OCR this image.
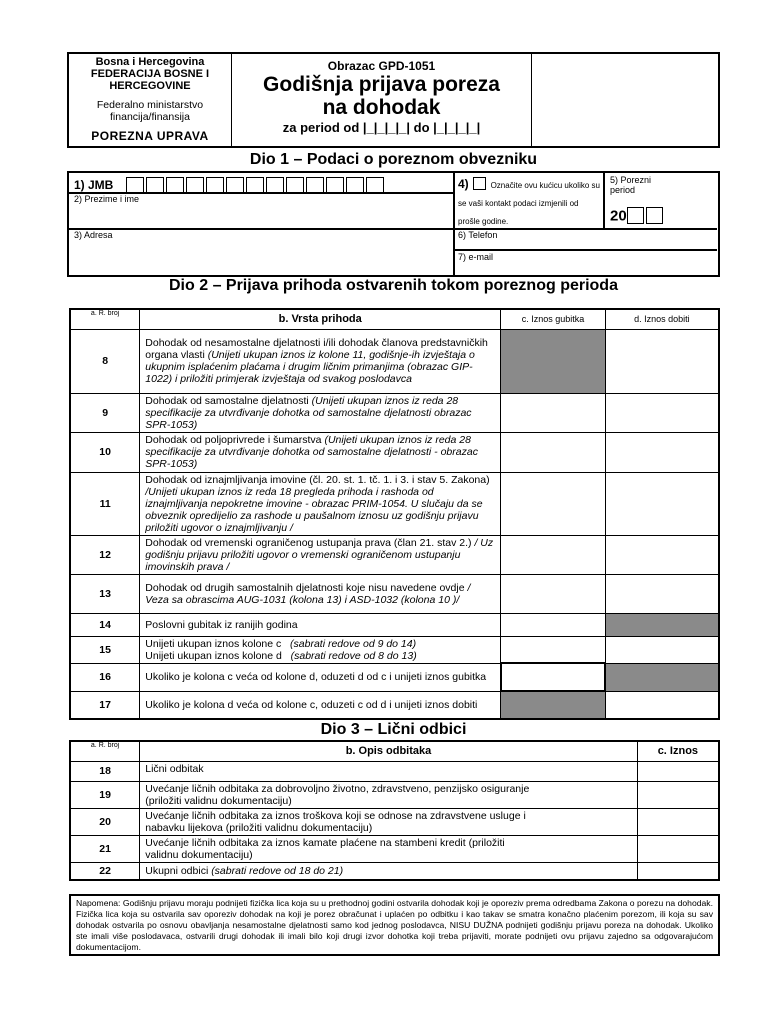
Bosna i Hercegovina
FEDERACIJA BOSNE I HERCEGOVINE
Federalno ministarstvo financija/finansija
POREZNA UPRAVA
Obrazac GPD-1051
Godišnja prijava poreza
na dohodak
za period od |_|_|_|_| do |_|_|_|_|
Dio 1 – Podaci o poreznom obvezniku
1) JMB
2) Prezime i ime
4)	Označite ovu kućicu ukoliko su se vaši kontakt podaci izmjenili od prošle godine.
5) Porezni period
20
3) Adresa	6) Telefon
7) e-mail
Dio 2 – Prijava prihoda ostvarenih tokom poreznog perioda
a. R. broj	b. Vrsta prihoda	c. Iznos gubitka	d. Iznos dobiti
8	Dohodak od nesamostalne djelatnosti i/ili dohodak članova predstavničkih organa vlasti (Unijeti ukupan iznos iz kolone 11, godišnje-ih izvještaja o ukupnim isplaćenim plaćama i drugim ličnim primanjima (obrazac GIP-1022) i priložiti primjerak izvještaja od svakog poslodavca		
9	Dohodak od samostalne djelatnosti (Unijeti ukupan iznos iz reda 28 specifikacije za utvrđivanje dohotka od samostalne djelatnosti obrazac SPR-1053)		
10	Dohodak od poljoprivrede i šumarstva (Unijeti ukupan iznos iz reda 28 specifikacije za utvrđivanje dohotka od samostalne djelatnosti - obrazac SPR-1053)		
11	Dohodak od iznajmljivanja imovine (čl. 20. st. 1. tč. 1. i 3. i stav 5. Zakona) /Unijeti ukupan iznos iz reda 18 pregleda prihoda i rashoda od iznajmljivanja nepokretne imovine - obrazac PRIM-1054. U slučaju da se obveznik opredijelio za rashode u paušalnom iznosu uz godišnju prijavu priložiti ugovor o iznajmljivanju /		
12	Dohodak od vremenski ograničenog ustupanja prava (član 21. stav 2.) / Uz godišnju prijavu priložiti ugovor o vremenski ograničenom ustupanju imovinskih prava /		
13	Dohodak od drugih samostalnih djelatnosti koje nisu navedene ovdje / Veza sa obrascima AUG-1031 (kolona 13) i ASD-1032 (kolona 10 )/		
14	Poslovni gubitak iz ranijih godina		
15	Unijeti ukupan iznos kolone c (sabrati redove od 9 do 14)
Unijeti ukupan iznos kolone d (sabrati redove od 8 do 13)		

16	Ukoliko je kolona c veća od kolone d, oduzeti d od c i unijeti iznos gubitka		
17	Ukoliko je kolona d veća od kolone c, oduzeti c od d i unijeti iznos dobiti		
Dio 3 – Lični odbici
a. R. broj	b. Opis odbitaka	c. Iznos
18	Lični odbitak	
19	Uvećanje ličnih odbitaka za dobrovoljno životno, zdravstveno, penzijsko osiguranje (priložiti validnu dokumentaciju)	
20	Uvećanje ličnih odbitaka za iznos troškova koji se odnose na zdravstvene usluge i nabavku lijekova (priložiti validnu dokumentaciju)	
21	Uvećanje ličnih odbitaka za iznos kamate plaćene na stambeni kredit (priložiti validnu dokumentaciju)	
22	Ukupni odbici (sabrati redove od 18 do 21)	
Napomena: Godišnju prijavu moraju podnijeti fizička lica koja su u prethodnoj godini ostvarila dohodak koji je oporeziv prema odredbama Zakona o porezu na dohodak. Fizička lica koja su ostvarila sav oporeziv dohodak na koji je porez obračunat i uplaćen po odbitku i kao takav se smatra konačno plaćenim porezom, ili koja su sav dohodak ostvarila po osnovu obavljanja nesamostalne djelatnosti samo kod jednog poslodavca, NISU DUŽNA podnijeti godišnju prijavu poreza na dohodak. Ukoliko ste imali više poslodavaca, ostvarili drugi dohodak ili imali bilo koji drugi izvor dohotka koji treba prijaviti, morate podnijeti ovu prijavu zajedno sa odgovarajućom dokumentacijom.
